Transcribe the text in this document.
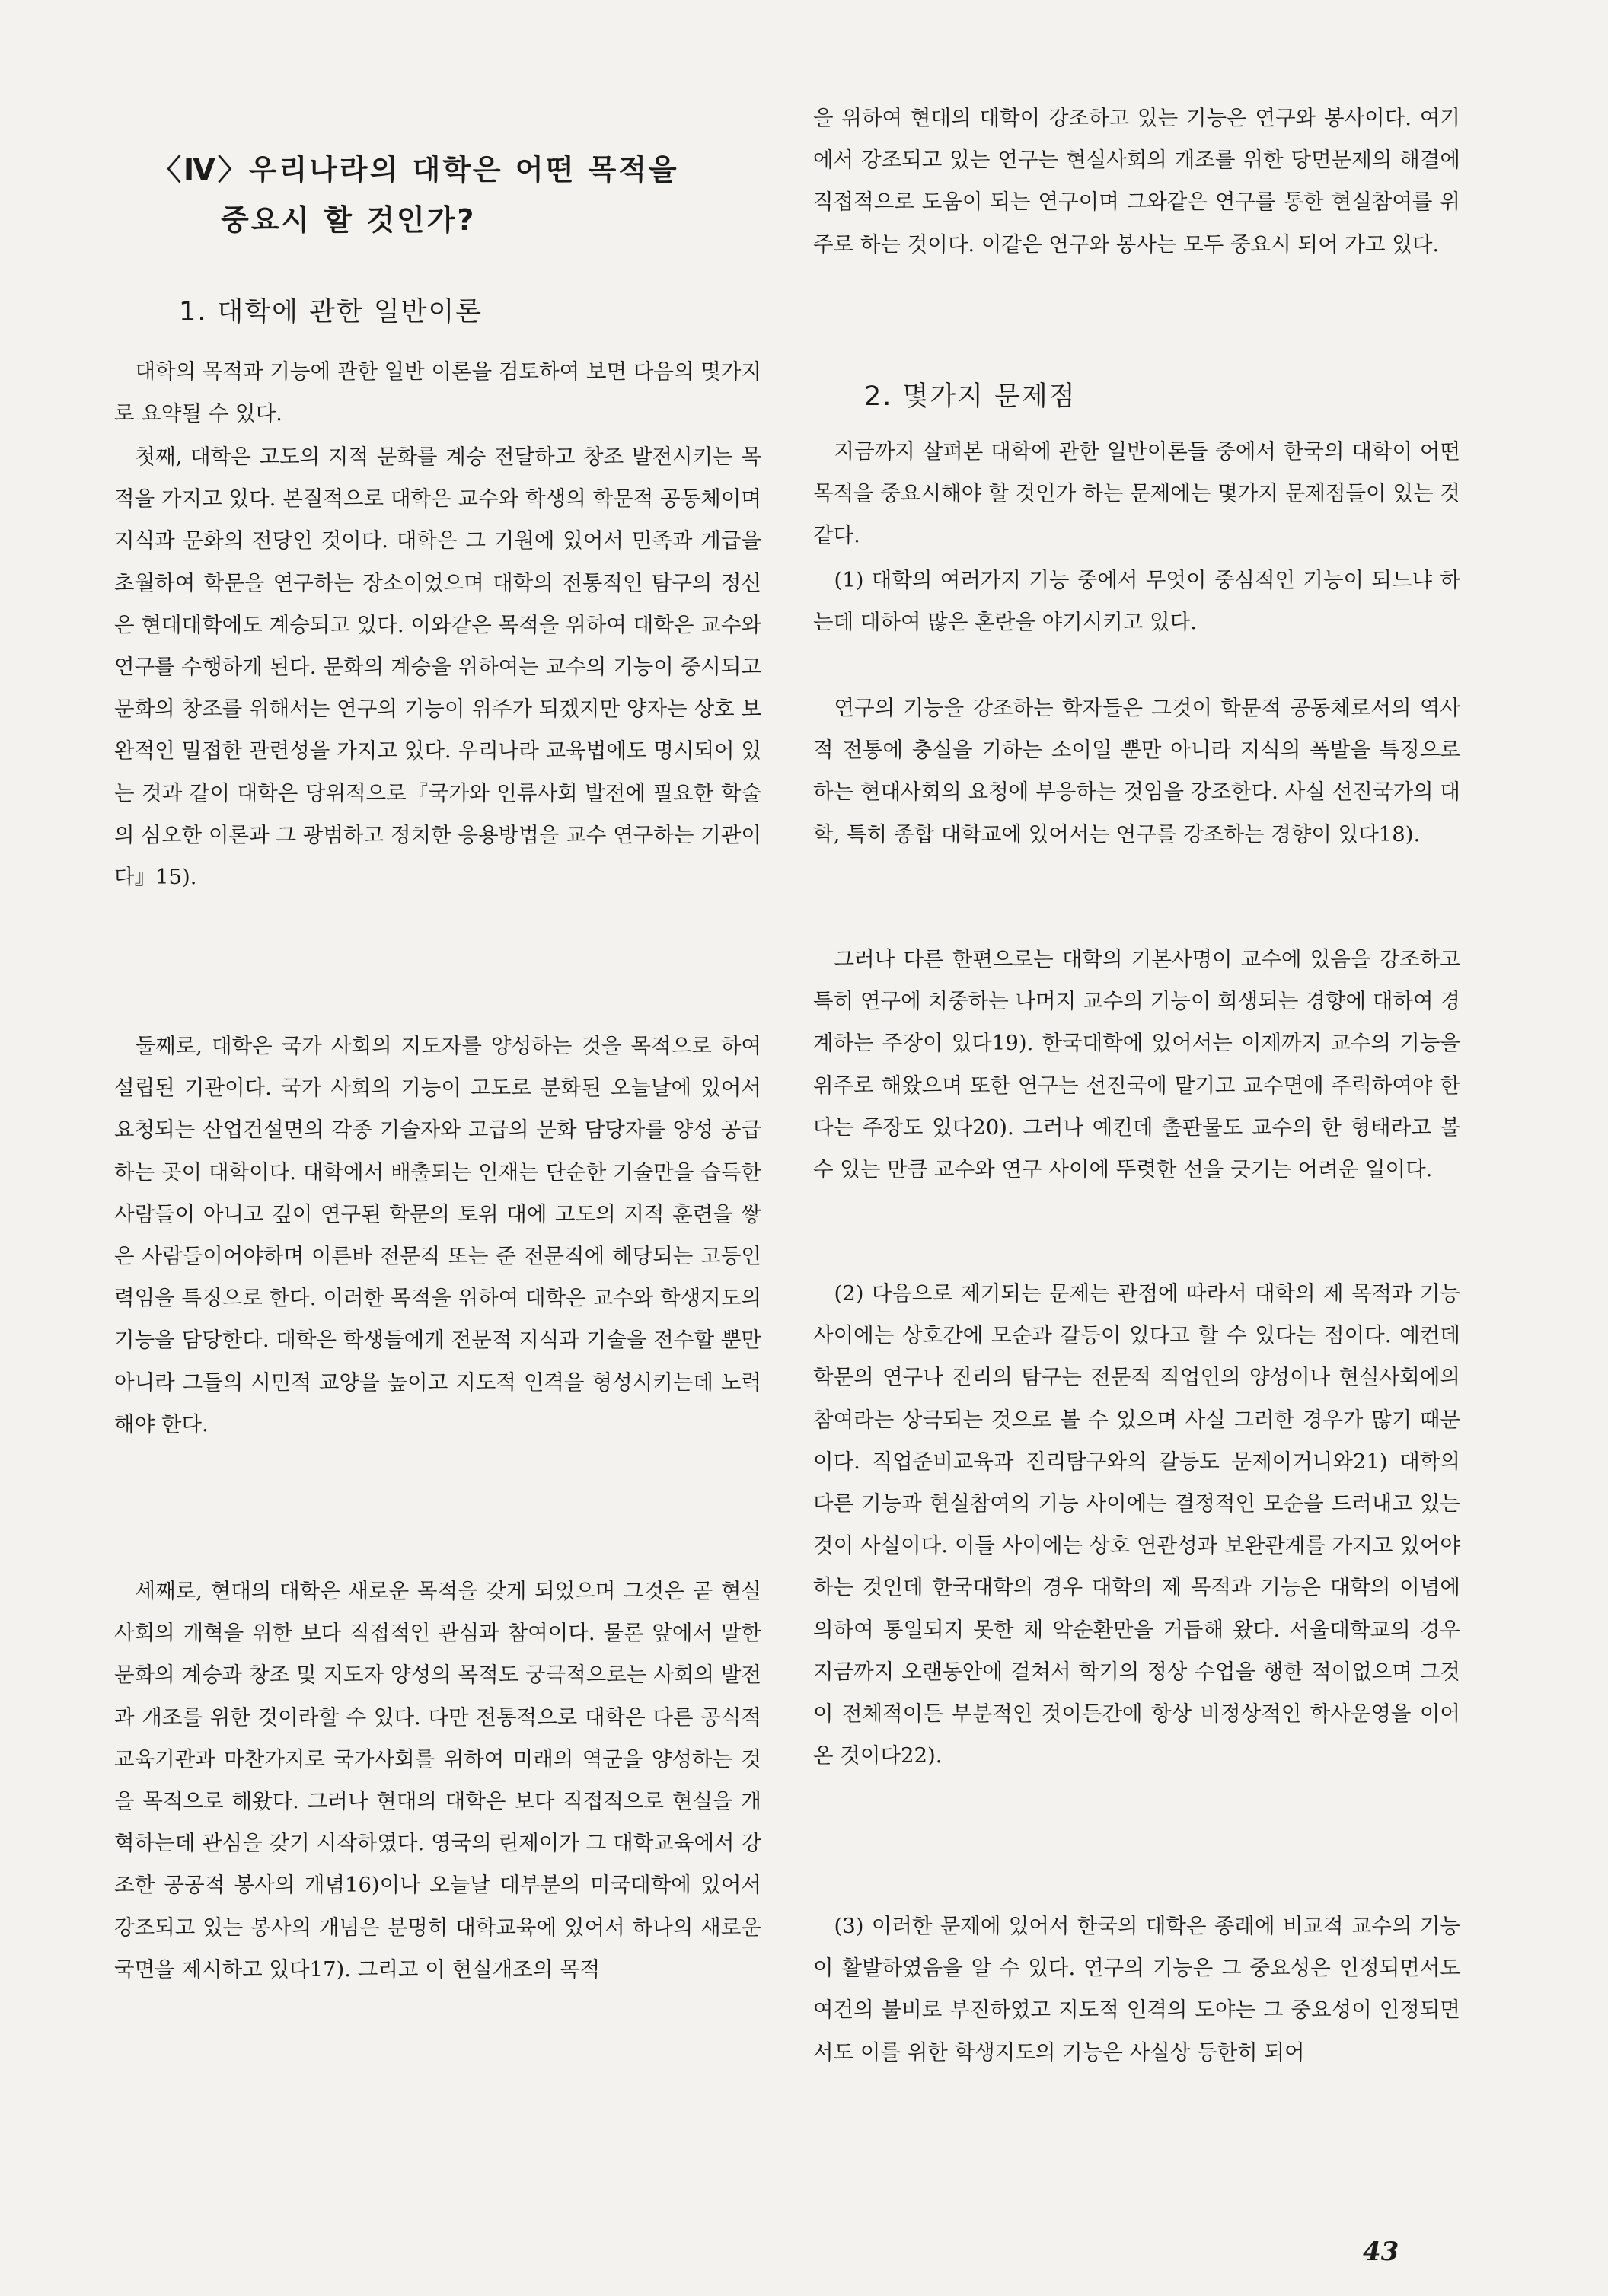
〈Ⅳ〉우리나라의 대학은 어떤 목적을
중요시 할 것인가?
1. 대학에 관한 일반이론

대학의 목적과 기능에 관한 일반 이론을 검토하여 보면 다음의 몇가지로 요약될 수 있다.

첫째, 대학은 고도의 지적 문화를 계승 전달하고 창조 발전시키는 목적을 가지고 있다. 본질적으로 대학은 교수와 학생의 학문적 공동체이며 지식과 문화의 전당인 것이다. 대학은 그 기원에 있어서 민족과 계급을 초월하여 학문을 연구하는 장소이었으며 대학의 전통적인 탐구의 정신은 현대대학에도 계승되고 있다. 이와같은 목적을 위하여 대학은 교수와 연구를 수행하게 된다. 문화의 계승을 위하여는 교수의 기능이 중시되고 문화의 창조를 위해서는 연구의 기능이 위주가 되겠지만 양자는 상호 보완적인 밀접한 관련성을 가지고 있다. 우리나라 교육법에도 명시되어 있는 것과 같이 대학은 당위적으로『국가와 인류사회 발전에 필요한 학술의 심오한 이론과 그 광범하고 정치한 응용방법을 교수 연구하는 기관이다』15).

둘째로, 대학은 국가 사회의 지도자를 양성하는 것을 목적으로 하여 설립된 기관이다. 국가 사회의 기능이 고도로 분화된 오늘날에 있어서 요청되는 산업건설면의 각종 기술자와 고급의 문화 담당자를 양성 공급하는 곳이 대학이다. 대학에서 배출되는 인재는 단순한 기술만을 습득한 사람들이 아니고 깊이 연구된 학문의 토위 대에 고도의 지적 훈련을 쌓은 사람들이어야하며 이른바 전문직 또는 준 전문직에 해당되는 고등인력임을 특징으로 한다. 이러한 목적을 위하여 대학은 교수와 학생지도의 기능을 담당한다. 대학은 학생들에게 전문적 지식과 기술을 전수할 뿐만 아니라 그들의 시민적 교양을 높이고 지도적 인격을 형성시키는데 노력해야 한다.

세째로, 현대의 대학은 새로운 목적을 갖게 되었으며 그것은 곧 현실 사회의 개혁을 위한 보다 직접적인 관심과 참여이다. 물론 앞에서 말한 문화의 계승과 창조 및 지도자 양성의 목적도 궁극적으로는 사회의 발전과 개조를 위한 것이라할 수 있다. 다만 전통적으로 대학은 다른 공식적 교육기관과 마찬가지로 국가사회를 위하여 미래의 역군을 양성하는 것을 목적으로 해왔다. 그러나 현대의 대학은 보다 직접적으로 현실을 개혁하는데 관심을 갖기 시작하였다. 영국의 린제이가 그 대학교육에서 강조한 공공적 봉사의 개념16)이나 오늘날 대부분의 미국대학에 있어서 강조되고 있는 봉사의 개념은 분명히 대학교육에 있어서 하나의 새로운 국면을 제시하고 있다17). 그리고 이 현실개조의 목적

을 위하여 현대의 대학이 강조하고 있는 기능은 연구와 봉사이다. 여기에서 강조되고 있는 연구는 현실사회의 개조를 위한 당면문제의 해결에 직접적으로 도움이 되는 연구이며 그와같은 연구를 통한 현실참여를 위주로 하는 것이다. 이같은 연구와 봉사는 모두 중요시 되어 가고 있다.

2. 몇가지 문제점

지금까지 살펴본 대학에 관한 일반이론들 중에서 한국의 대학이 어떤 목적을 중요시해야 할 것인가 하는 문제에는 몇가지 문제점들이 있는 것같다.

(1) 대학의 여러가지 기능 중에서 무엇이 중심적인 기능이 되느냐 하는데 대하여 많은 혼란을 야기시키고 있다.

연구의 기능을 강조하는 학자들은 그것이 학문적 공동체로서의 역사적 전통에 충실을 기하는 소이일 뿐만 아니라 지식의 폭발을 특징으로 하는 현대사회의 요청에 부응하는 것임을 강조한다. 사실 선진국가의 대학, 특히 종합 대학교에 있어서는 연구를 강조하는 경향이 있다18).

그러나 다른 한편으로는 대학의 기본사명이 교수에 있음을 강조하고 특히 연구에 치중하는 나머지 교수의 기능이 희생되는 경향에 대하여 경계하는 주장이 있다19). 한국대학에 있어서는 이제까지 교수의 기능을 위주로 해왔으며 또한 연구는 선진국에 맡기고 교수면에 주력하여야 한다는 주장도 있다20). 그러나 예컨데 출판물도 교수의 한 형태라고 볼 수 있는 만큼 교수와 연구 사이에 뚜렷한 선을 긋기는 어려운 일이다.

(2) 다음으로 제기되는 문제는 관점에 따라서 대학의 제 목적과 기능 사이에는 상호간에 모순과 갈등이 있다고 할 수 있다는 점이다. 예컨데 학문의 연구나 진리의 탐구는 전문적 직업인의 양성이나 현실사회에의 참여라는 상극되는 것으로 볼 수 있으며 사실 그러한 경우가 많기 때문이다. 직업준비교육과 진리탐구와의 갈등도 문제이거니와21) 대학의 다른 기능과 현실참여의 기능 사이에는 결정적인 모순을 드러내고 있는 것이 사실이다. 이들 사이에는 상호 연관성과 보완관계를 가지고 있어야 하는 것인데 한국대학의 경우 대학의 제 목적과 기능은 대학의 이념에 의하여 통일되지 못한 채 악순환만을 거듭해 왔다. 서울대학교의 경우 지금까지 오랜동안에 걸쳐서 학기의 정상 수업을 행한 적이없으며 그것이 전체적이든 부분적인 것이든간에 항상 비정상적인 학사운영을 이어온 것이다22).

(3) 이러한 문제에 있어서 한국의 대학은 종래에 비교적 교수의 기능이 활발하였음을 알 수 있다. 연구의 기능은 그 중요성은 인정되면서도 여건의 불비로 부진하였고 지도적 인격의 도야는 그 중요성이 인정되면서도 이를 위한 학생지도의 기능은 사실상 등한히 되어

43
